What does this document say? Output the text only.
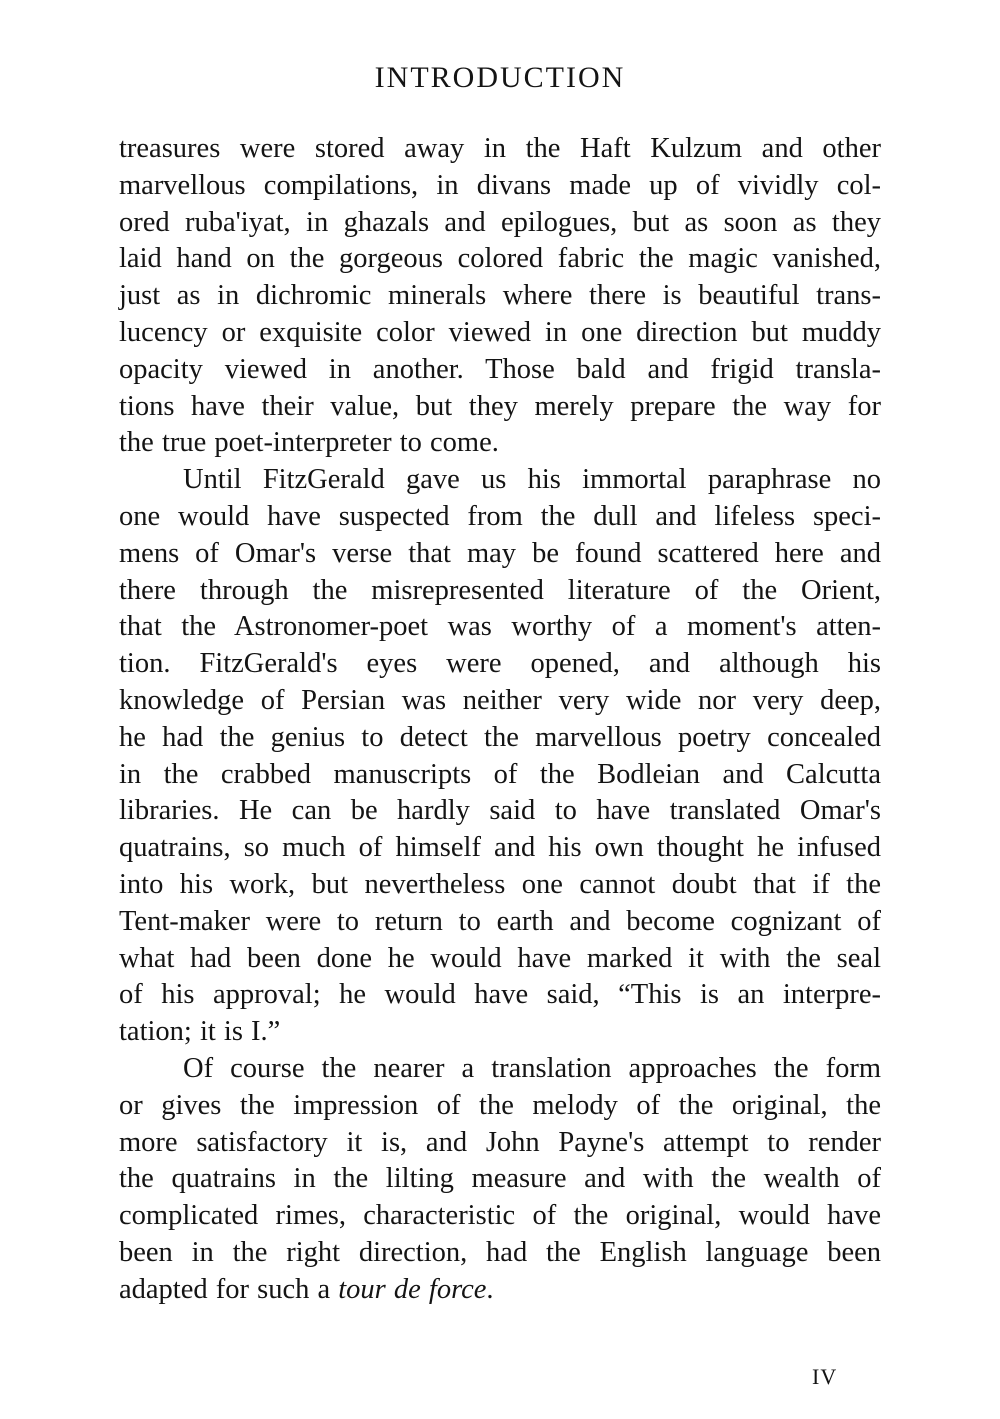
INTRODUCTION
treasures were stored away in the Haft Kulzum and other
marvellous compilations, in divans made up of vividly col-
ored ruba'iyat, in ghazals and epilogues, but as soon as they
laid hand on the gorgeous colored fabric the magic vanished,
just as in dichromic minerals where there is beautiful trans-
lucency or exquisite color viewed in one direction but muddy
opacity viewed in another. Those bald and frigid transla-
tions have their value, but they merely prepare the way for
the true poet-interpreter to come.
Until FitzGerald gave us his immortal paraphrase no
one would have suspected from the dull and lifeless speci-
mens of Omar's verse that may be found scattered here and
there through the misrepresented literature of the Orient,
that the Astronomer-poet was worthy of a moment's atten-
tion. FitzGerald's eyes were opened, and although his
knowledge of Persian was neither very wide nor very deep,
he had the genius to detect the marvellous poetry concealed
in the crabbed manuscripts of the Bodleian and Calcutta
libraries. He can be hardly said to have translated Omar's
quatrains, so much of himself and his own thought he infused
into his work, but nevertheless one cannot doubt that if the
Tent-maker were to return to earth and become cognizant of
what had been done he would have marked it with the seal
of his approval; he would have said, “This is an interpre-
tation; it is I.”
Of course the nearer a translation approaches the form
or gives the impression of the melody of the original, the
more satisfactory it is, and John Payne's attempt to render
the quatrains in the lilting measure and with the wealth of
complicated rimes, characteristic of the original, would have
been in the right direction, had the English language been
adapted for such a tour de force.
IV
